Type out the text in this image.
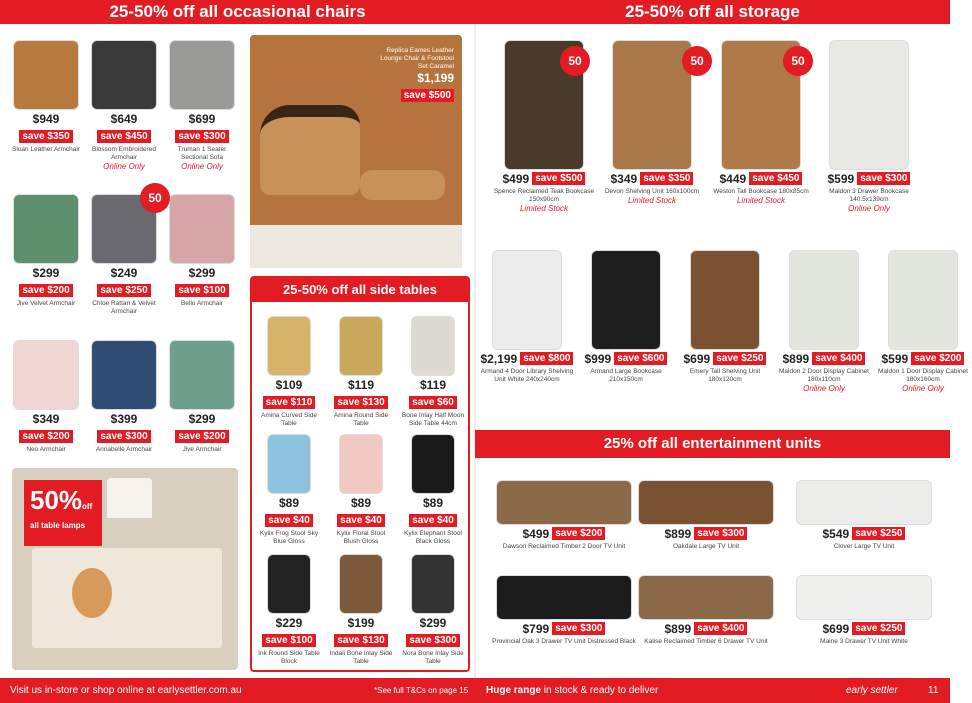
25-50% off all occasional chairs	25-50% off all storage
50%off
all table lamps
Replica Eames Leather Lounge Chair & Footstool Set Caramel
$1,199
save $500
25-50% off all side tables
25% off all entertainment units
Visit us in-store or shop online at earlysettler.com.au	*See full T&Cs on page 15 Huge range in stock & ready to deliver	early settler	11
$949
save $350
Sloan Leather Armchair
$649
save $450
Blossom Embroidered Armchair
Online Only
$699
save $300
Truman 1 Seater Sectional Sofa
Online Only
$299
save $200
Jive Velvet Armchair
$249
save $250
Chloe Rattan & Velvet Armchair
$299
save $100
Bello Armchair
$349
save $200
Neo Armchair
$399
save $300
Annabelle Armchair
$299
save $200
Jive Armchair
50
$109
save $110
Amina Curved Side Table
$119
save $130
Amina Round Side Table
$119
save $60
Bone Inlay Half Moon Side Table 44cm
$89
save $40
Kylix Frog Stool Sky Blue Gloss
$89
save $40
Kylix Floral Stool Blush Gloss
$89
save $40
Kylix Elephant Stool Black Gloss
$229
save $100
Ink Round Side Table Block
$199
save $130
Indali Bone Inlay Side Table
$299
save $300
Nora Bone Inlay Side Table
$499 save $500
Spence Reclaimed Teak Bookcase 150x90cm
Limited Stock
$349 save $350
Devon Shelving Unit 160x100cm
Limited Stock
$449 save $450
Weston Tall Bookcase 180x85cm
Limited Stock
$599 save $300
Maldon 3 Drawer Bookcase 140.5x139cm
Online Only
$2,199 save $800
Armand 4 Door Library Shelving Unit White 240x240cm
$999 save $600
Armand Large Bookcase 210x150cm
$699 save $250
Emery Tall Shelving Unit 180x120cm
$899 save $400
Maldon 2 Door Display Cabinet 180x110cm
Online Only
$599 save $200
Maldon 1 Door Display Cabinet 180x160cm
Online Only
50	50	50
$499 save $200
Dawson Reclaimed Timber 2 Door TV Unit
$899 save $300
Oakdale Large TV Unit
$549 save $250
Clover Large TV Unit
$799 save $300
Provincial Oak 3 Drawer TV Unit Distressed Black
$899 save $400
Kalise Reclaimed Timber 6 Drawer TV Unit
$699 save $250
Maine 3 Drawer TV Unit White
